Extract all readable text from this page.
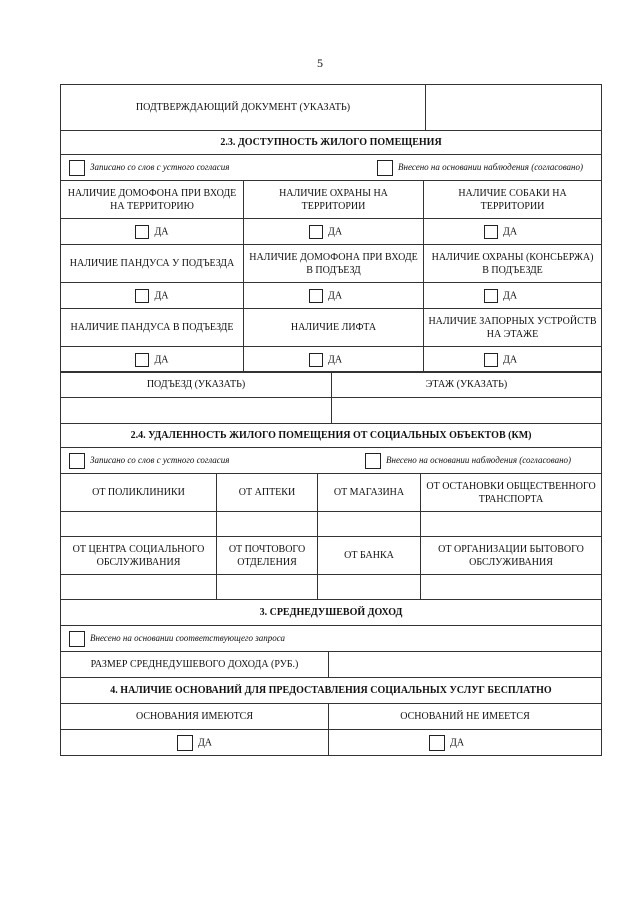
5
ПОДТВЕРЖДАЮЩИЙ ДОКУМЕНТ (УКАЗАТЬ)	
2.3. ДОСТУПНОСТЬ ЖИЛОГО ПОМЕЩЕНИЯ		

Записано со слов с устного согласия Внесено на основании наблюдения (согласовано)		

НАЛИЧИЕ ДОМОФОНА ПРИ ВХОДЕ НА ТЕРРИТОРИЮ	НАЛИЧИЕ ОХРАНЫ НА ТЕРРИТОРИИ	НАЛИЧИЕ СОБАКИ НА ТЕРРИТОРИИ
ДА	ДА	ДА
НАЛИЧИЕ ПАНДУСА У ПОДЪЕЗДА	НАЛИЧИЕ ДОМОФОНА ПРИ ВХОДЕ В ПОДЪЕЗД	НАЛИЧИЕ ОХРАНЫ (КОНСЬЕРЖА) В ПОДЪЕЗДЕ
ДА	ДА	ДА
НАЛИЧИЕ ПАНДУСА В ПОДЪЕЗДЕ	НАЛИЧИЕ ЛИФТА	НАЛИЧИЕ ЗАПОРНЫХ УСТРОЙСТВ НА ЭТАЖЕ
ДА	ДА	ДА
ПОДЪЕЗД (УКАЗАТЬ)	ЭТАЖ (УКАЗАТЬ)

2.4. УДАЛЕННОСТЬ ЖИЛОГО ПОМЕЩЕНИЯ ОТ СОЦИАЛЬНЫХ ОБЪЕКТОВ (КМ)			

Записано со слов с устного согласия Внесено на основании наблюдения (согласовано)			

ОТ ПОЛИКЛИНИКИ	ОТ АПТЕКИ	ОТ МАГАЗИНА	ОТ ОСТАНОВКИ ОБЩЕСТВЕННОГО ТРАНСПОРТА

ОТ ЦЕНТРА СОЦИАЛЬНОГО ОБСЛУЖИВАНИЯ	ОТ ПОЧТОВОГО ОТДЕЛЕНИЯ	ОТ БАНКА	ОТ ОРГАНИЗАЦИИ БЫТОВОГО ОБСЛУЖИВАНИЯ

3. СРЕДНЕДУШЕВОЙ ДОХОД

Внесено на основании соответствующего запроса

РАЗМЕР СРЕДНЕДУШЕВОГО ДОХОДА (РУБ.)	
4. НАЛИЧИЕ ОСНОВАНИЙ ДЛЯ ПРЕДОСТАВЛЕНИЯ СОЦИАЛЬНЫХ УСЛУГ БЕСПЛАТНО	
ОСНОВАНИЯ ИМЕЮТСЯ	ОСНОВАНИЙ НЕ ИМЕЕТСЯ
ДА	ДА
